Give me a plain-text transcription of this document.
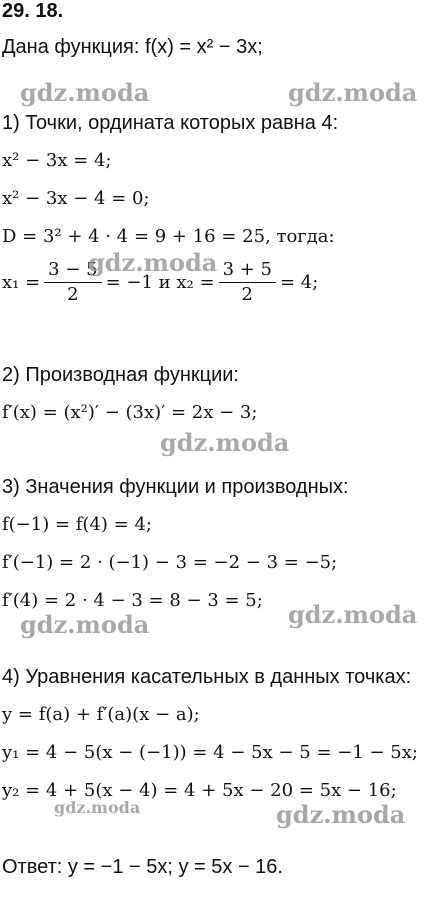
29. 18.
Дана функция: f(x) = x² − 3x;
1) Точки, ордината которых равна 4:
x² − 3x = 4;
x² − 3x − 4 = 0;
D = 3² + 4 · 4 = 9 + 16 = 25, тогда:
$x_1 = \frac{3 - 5}{2} = -1$ и $x_2 = \frac{3 + 5}{2} = 4$;
2) Производная функции:
f′(x) = (x²)′ − (3x)′ = 2x − 3;
3) Значения функции и производных:
f(−1) = f(4) = 4;
f′(−1) = 2 · (−1) − 3 = −2 − 3 = −5;
f′(4) = 2 · 4 − 3 = 8 − 3 = 5;
4) Уравнения касательных в данных точках:
y = f(a) + f′(a)(x − a);
y₁ = 4 − 5(x − (−1)) = 4 − 5x − 5 = −1 − 5x;
y₂ = 4 + 5(x − 4) = 4 + 5x − 20 = 5x − 16;
Ответ: y = −1 − 5x; y = 5x − 16.
gdz.moda	gdz.moda
gdz.moda
gdz.moda
gdz.moda
gdz.moda
gdz.moda	gdz.moda
